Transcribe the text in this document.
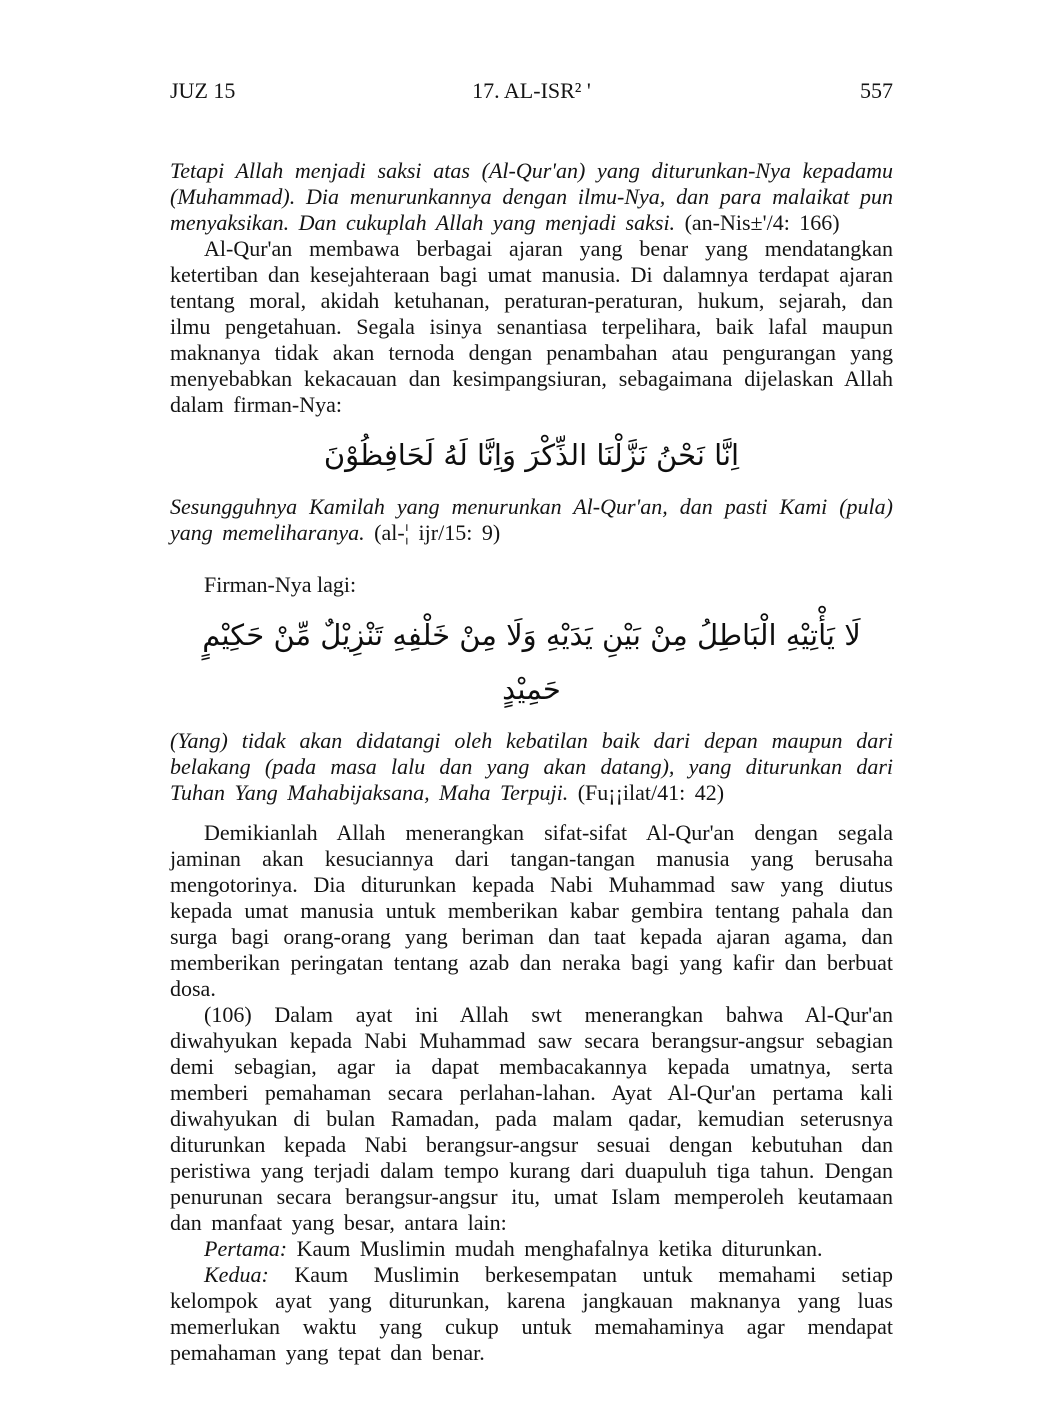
JUZ 15	17. AL-ISR² '	557

Tetapi Allah menjadi saksi atas (Al-Qur'an) yang diturunkan-Nya kepadamu (Muhammad). Dia menurunkannya dengan ilmu-Nya, dan para malaikat pun menyaksikan. Dan cukuplah Allah yang menjadi saksi. (an-Nis±'/4: 166)

Al-Qur'an membawa berbagai ajaran yang benar yang mendatangkan ketertiban dan kesejahteraan bagi umat manusia. Di dalamnya terdapat ajaran tentang moral, akidah ketuhanan, peraturan-peraturan, hukum, sejarah, dan ilmu pengetahuan. Segala isinya senantiasa terpelihara, baik lafal maupun maknanya tidak akan ternoda dengan penambahan atau pengurangan yang menyebabkan kekacauan dan kesimpangsiuran, sebagaimana dijelaskan Allah dalam firman-Nya:

اِنَّا نَحْنُ نَزَّلْنَا الذِّكْرَ وَاِنَّا لَهُ لَحَافِظُوْنَ

Sesungguhnya Kamilah yang menurunkan Al-Qur'an, dan pasti Kami (pula) yang memeliharanya. (al-¦ ijr/15: 9)

Firman-Nya lagi:

لَا يَأْتِيْهِ الْبَاطِلُ مِنْ بَيْنِ يَدَيْهِ وَلَا مِنْ خَلْفِهِ تَنْزِيْلٌ مِّنْ حَكِيْمٍ حَمِيْدٍ

(Yang) tidak akan didatangi oleh kebatilan baik dari depan maupun dari belakang (pada masa lalu dan yang akan datang), yang diturunkan dari Tuhan Yang Mahabijaksana, Maha Terpuji. (Fu¡¡ilat/41: 42)

Demikianlah Allah menerangkan sifat-sifat Al-Qur'an dengan segala jaminan akan kesuciannya dari tangan-tangan manusia yang berusaha mengotorinya. Dia diturunkan kepada Nabi Muhammad saw yang diutus kepada umat manusia untuk memberikan kabar gembira tentang pahala dan surga bagi orang-orang yang beriman dan taat kepada ajaran agama, dan memberikan peringatan tentang azab dan neraka bagi yang kafir dan berbuat dosa.

(106) Dalam ayat ini Allah swt menerangkan bahwa Al-Qur'an diwahyukan kepada Nabi Muhammad saw secara berangsur-angsur sebagian demi sebagian, agar ia dapat membacakannya kepada umatnya, serta memberi pemahaman secara perlahan-lahan. Ayat Al-Qur'an pertama kali diwahyukan di bulan Ramadan, pada malam qadar, kemudian seterusnya diturunkan kepada Nabi berangsur-angsur sesuai dengan kebutuhan dan peristiwa yang terjadi dalam tempo kurang dari duapuluh tiga tahun. Dengan penurunan secara berangsur-angsur itu, umat Islam memperoleh keutamaan dan manfaat yang besar, antara lain:

Pertama: Kaum Muslimin mudah menghafalnya ketika diturunkan.

Kedua: Kaum Muslimin berkesempatan untuk memahami setiap kelompok ayat yang diturunkan, karena jangkauan maknanya yang luas memerlukan waktu yang cukup untuk memahaminya agar mendapat pemahaman yang tepat dan benar.
